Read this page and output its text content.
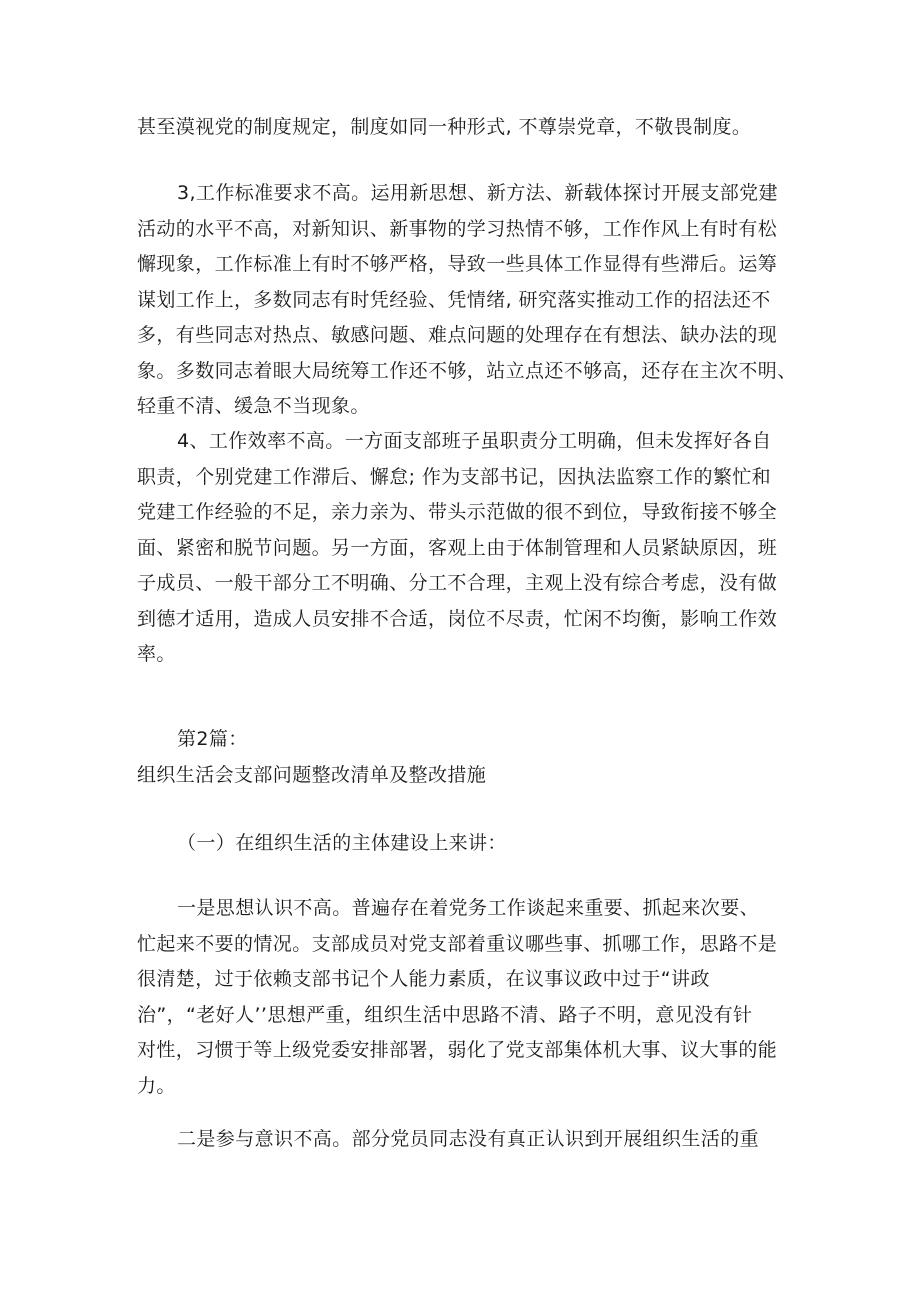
甚至漠视党的制度规定，制度如同一种形式, 不尊崇党章，不敬畏制度。
3,工作标准要求不高。运用新思想、新方法、新载体探讨开展支部党建
活动的水平不高，对新知识、新事物的学习热情不够，工作作风上有时有松
懈现象，工作标准上有时不够严格，导致一些具体工作显得有些滞后。运筹
谋划工作上，多数同志有时凭经验、凭情绪, 研究落实推动工作的招法还不
多，有些同志对热点、敏感问题、难点问题的处理存在有想法、缺办法的现
象。多数同志着眼大局统筹工作还不够，站立点还不够高，还存在主次不明、
轻重不清、缓急不当现象。
4、工作效率不高。一方面支部班子虽职责分工明确，但未发挥好各自
职责，个别党建工作滞后、懈怠; 作为支部书记，因执法监察工作的繁忙和
党建工作经验的不足，亲力亲为、带头示范做的很不到位，导致衔接不够全
面、紧密和脱节问题。另一方面，客观上由于体制管理和人员紧缺原因，班
子成员、一般干部分工不明确、分工不合理，主观上没有综合考虑，没有做
到德才适用，造成人员安排不合适，岗位不尽责，忙闲不均衡，影响工作效
率。
第2篇：
组织生活会支部问题整改清单及整改措施
（一）在组织生活的主体建设上来讲：
一是思想认识不高。普遍存在着党务工作谈起来重要、抓起来次要、
忙起来不要的情况。支部成员对党支部着重议哪些事、抓哪工作，思路不是
很清楚，过于依赖支部书记个人能力素质，在议事议政中过于“讲政
治”，“老好人’’思想严重，组织生活中思路不清、路子不明，意见没有针
对性，习惯于等上级党委安排部署，弱化了党支部集体机大事、议大事的能
力。
二是参与意识不高。部分党员同志没有真正认识到开展组织生活的重
